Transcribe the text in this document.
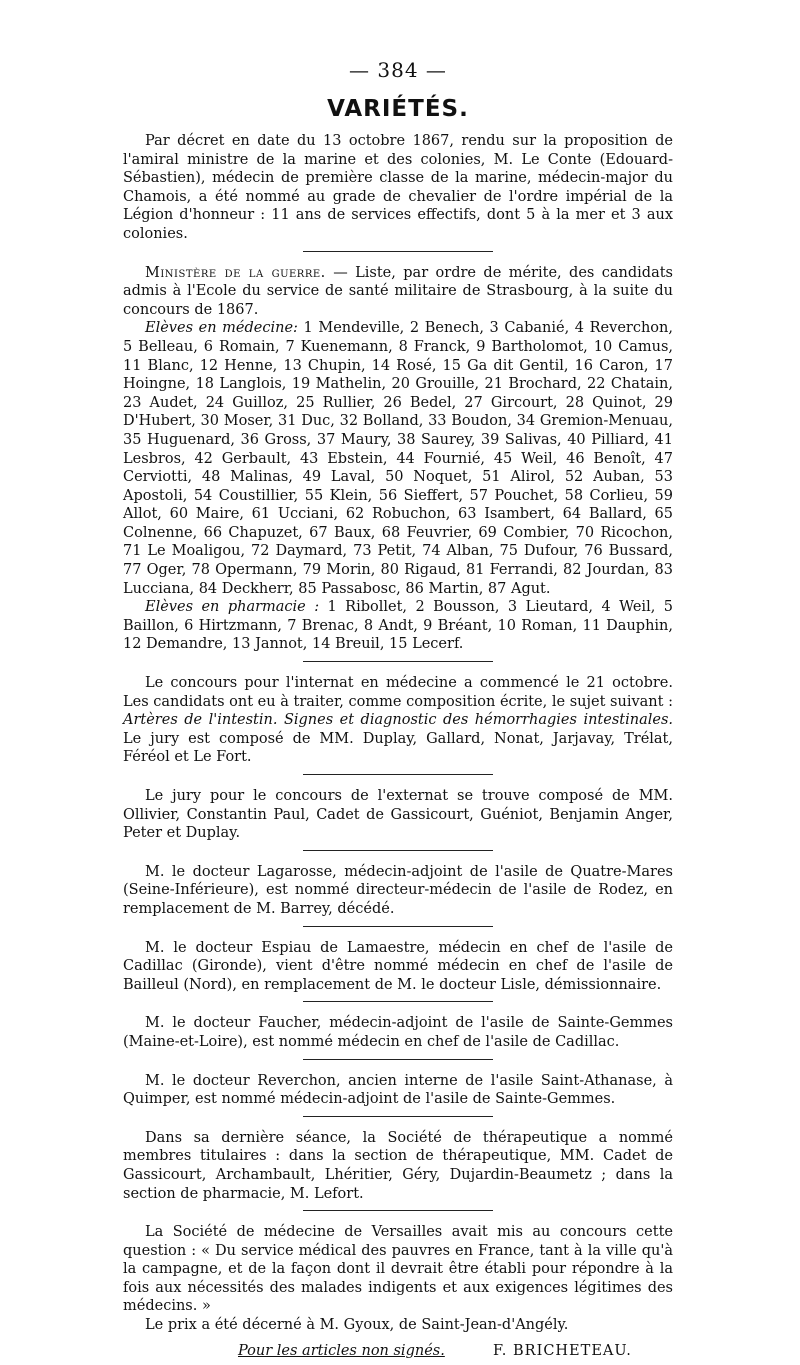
— 384 —
VARIÉTÉS.

Par décret en date du 13 octobre 1867, rendu sur la proposition de l'amiral ministre de la marine et des colonies, M. Le Conte (Edouard-Sébastien), médecin de première classe de la marine, médecin-major du Chamois, a été nommé au grade de chevalier de l'ordre impérial de la Légion d'honneur : 11 ans de services effectifs, dont 5 à la mer et 3 aux colonies.

Ministère de la guerre. — Liste, par ordre de mérite, des candidats admis à l'Ecole du service de santé militaire de Strasbourg, à la suite du concours de 1867.

Elèves en médecine: 1 Mendeville, 2 Benech, 3 Cabanié, 4 Reverchon, 5 Belleau, 6 Romain, 7 Kuenemann, 8 Franck, 9 Bartholomot, 10 Camus, 11 Blanc, 12 Henne, 13 Chupin, 14 Rosé, 15 Ga dit Gentil, 16 Caron, 17 Hoingne, 18 Langlois, 19 Mathelin, 20 Grouille, 21 Brochard, 22 Chatain, 23 Audet, 24 Guilloz, 25 Rullier, 26 Bedel, 27 Gircourt, 28 Quinot, 29 D'Hubert, 30 Moser, 31 Duc, 32 Bolland, 33 Boudon, 34 Gremion-Menuau, 35 Huguenard, 36 Gross, 37 Maury, 38 Saurey, 39 Salivas, 40 Pilliard, 41 Lesbros, 42 Gerbault, 43 Ebstein, 44 Fournié, 45 Weil, 46 Benoît, 47 Cerviotti, 48 Malinas, 49 Laval, 50 Noquet, 51 Alirol, 52 Auban, 53 Apostoli, 54 Coustillier, 55 Klein, 56 Sieffert, 57 Pouchet, 58 Corlieu, 59 Allot, 60 Maire, 61 Ucciani, 62 Robuchon, 63 Isambert, 64 Ballard, 65 Colnenne, 66 Chapuzet, 67 Baux, 68 Feuvrier, 69 Combier, 70 Ricochon, 71 Le Moaligou, 72 Daymard, 73 Petit, 74 Alban, 75 Dufour, 76 Bussard, 77 Oger, 78 Opermann, 79 Morin, 80 Rigaud, 81 Ferrandi, 82 Jourdan, 83 Lucciana, 84 Deckherr, 85 Passabosc, 86 Martin, 87 Agut.

Elèves en pharmacie : 1 Ribollet, 2 Bousson, 3 Lieutard, 4 Weil, 5 Baillon, 6 Hirtzmann, 7 Brenac, 8 Andt, 9 Bréant, 10 Roman, 11 Dauphin, 12 Demandre, 13 Jannot, 14 Breuil, 15 Lecerf.

Le concours pour l'internat en médecine a commencé le 21 octobre. Les candidats ont eu à traiter, comme composition écrite, le sujet suivant : Artères de l'intestin. Signes et diagnostic des hémorrhagies intestinales. Le jury est composé de MM. Duplay, Gallard, Nonat, Jarjavay, Trélat, Féréol et Le Fort.

Le jury pour le concours de l'externat se trouve composé de MM. Ollivier, Constantin Paul, Cadet de Gassicourt, Guéniot, Benjamin Anger, Peter et Duplay.

M. le docteur Lagarosse, médecin-adjoint de l'asile de Quatre-Mares (Seine-Inférieure), est nommé directeur-médecin de l'asile de Rodez, en remplacement de M. Barrey, décédé.

M. le docteur Espiau de Lamaestre, médecin en chef de l'asile de Cadillac (Gironde), vient d'être nommé médecin en chef de l'asile de Bailleul (Nord), en remplacement de M. le docteur Lisle, démissionnaire.

M. le docteur Faucher, médecin-adjoint de l'asile de Sainte-Gemmes (Maine-et-Loire), est nommé médecin en chef de l'asile de Cadillac.

M. le docteur Reverchon, ancien interne de l'asile Saint-Athanase, à Quimper, est nommé médecin-adjoint de l'asile de Sainte-Gemmes.

Dans sa dernière séance, la Société de thérapeutique a nommé membres titulaires : dans la section de thérapeutique, MM. Cadet de Gassicourt, Archambault, Lhéritier, Géry, Dujardin-Beaumetz ; dans la section de pharmacie, M. Lefort.

La Société de médecine de Versailles avait mis au concours cette question : « Du service médical des pauvres en France, tant à la ville qu'à la campagne, et de la façon dont il devrait être établi pour répondre à la fois aux nécessités des malades indigents et aux exigences légitimes des médecins. »

Le prix a été décerné à M. Gyoux, de Saint-Jean-d'Angély.

Pour les articles non signés.	F. BRICHETEAU.
